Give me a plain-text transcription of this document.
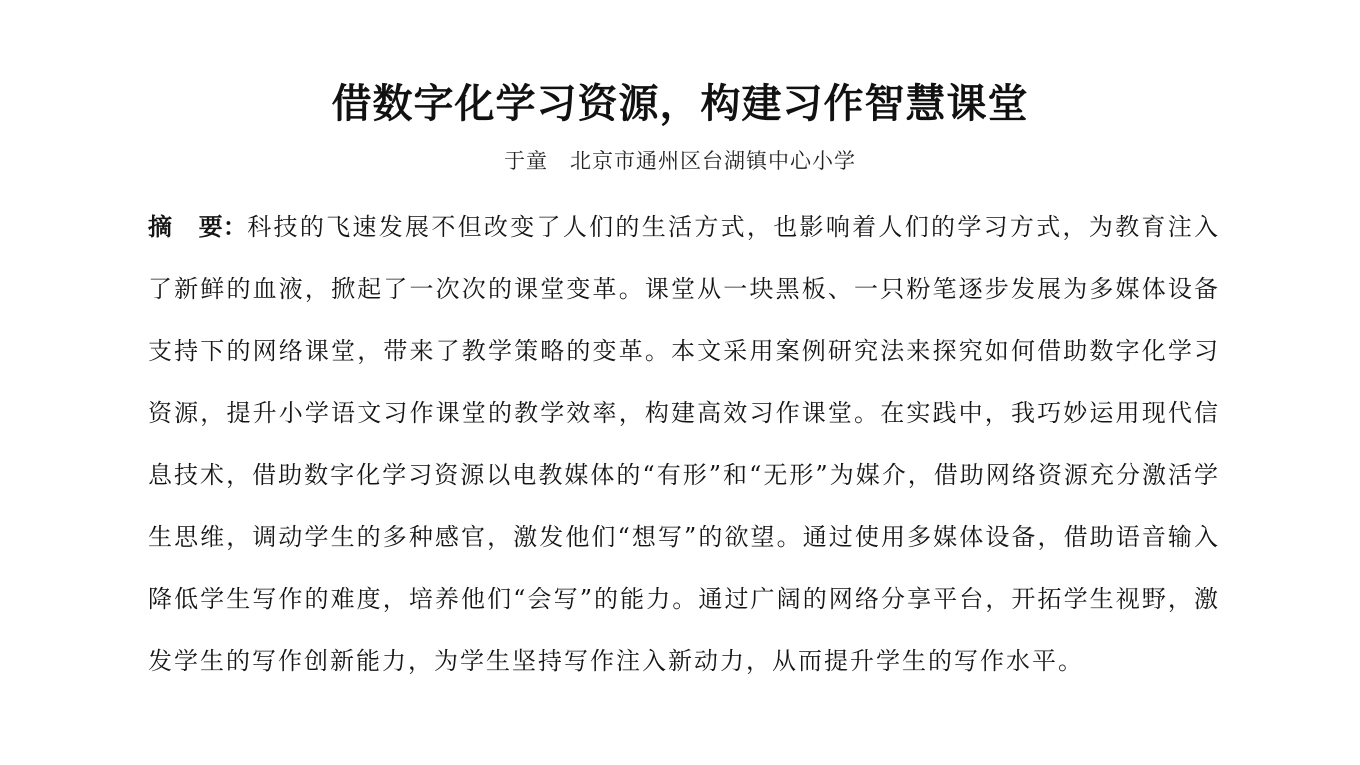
借数字化学习资源，构建习作智慧课堂
于童 北京市通州区台湖镇中心小学

摘 要：科技的飞速发展不但改变了人们的生活方式，也影响着人们的学习方式，为教育注入了新鲜的血液，掀起了一次次的课堂变革。课堂从一块黑板、一只粉笔逐步发展为多媒体设备支持下的网络课堂，带来了教学策略的变革。本文采用案例研究法来探究如何借助数字化学习资源，提升小学语文习作课堂的教学效率，构建高效习作课堂。在实践中，我巧妙运用现代信息技术，借助数字化学习资源以电教媒体的“有形”和“无形”为媒介，借助网络资源充分激活学生思维，调动学生的多种感官，激发他们“想写”的欲望。通过使用多媒体设备，借助语音输入降低学生写作的难度，培养他们“会写”的能力。通过广阔的网络分享平台，开拓学生视野，激发学生的写作创新能力，为学生坚持写作注入新动力，从而提升学生的写作水平。
